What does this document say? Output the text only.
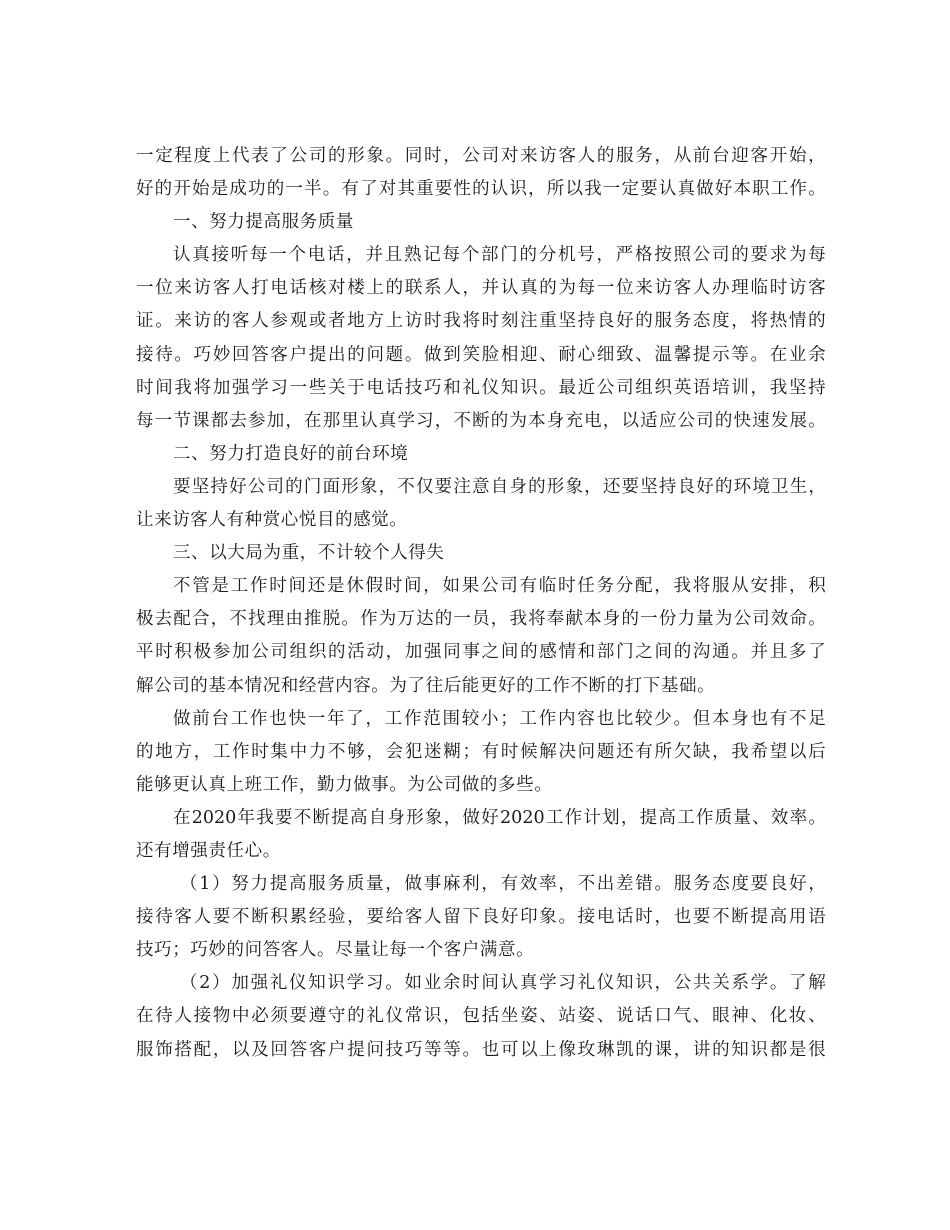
一 定 程 度 上 代 表 了 公 司 的 形 象 。 同 时 ， 公 司 对 来 访 客 人 的 服 务 ， 从 前 台 迎 客 开 始 ，
好 的 开 始 是 成 功 的 一 半 。 有 了 对 其 重 要 性 的 认 识 ， 所 以 我 一 定 要 认 真 做 好 本 职 工 作 。
一、努力提高服务质量
认 真 接 听 每 一 个 电 话 ， 并 且 熟 记 每 个 部 门 的 分 机 号 ， 严 格 按 照 公 司 的 要 求 为 每
一 位 来 访 客 人 打 电 话 核 对 楼 上 的 联 系 人 ， 并 认 真 的 为 每 一 位 来 访 客 人 办 理 临 时 访 客
证 。 来 访 的 客 人 参 观 或 者 地 方 上 访 时 我 将 时 刻 注 重 坚 持 良 好 的 服 务 态 度 ， 将 热 情 的
接 待 。 巧 妙 回 答 客 户 提 出 的 问 题 。 做 到 笑 脸 相 迎 、 耐 心 细 致 、 温 馨 提 示 等 。 在 业 余
时 间 我 将 加 强 学 习 一 些 关 于 电 话 技 巧 和 礼 仪 知 识 。 最 近 公 司 组 织 英 语 培 训 ， 我 坚 持
每 一 节 课 都 去 参 加 ， 在 那 里 认 真 学 习 ， 不 断 的 为 本 身 充 电 ， 以 适 应 公 司 的 快 速 发 展 。
二、努力打造良好的前台环境
要 坚 持 好 公 司 的 门 面 形 象 ， 不 仅 要 注 意 自 身 的 形 象 ， 还 要 坚 持 良 好 的 环 境 卫 生 ，
让来访客人有种赏心悦目的感觉。
三、以大局为重，不计较个人得失
不 管 是 工 作 时 间 还 是 休 假 时 间 ， 如 果 公 司 有 临 时 任 务 分 配 ， 我 将 服 从 安 排 ， 积
极 去 配 合 ， 不 找 理 由 推 脱 。 作 为 万 达 的 一 员 ， 我 将 奉 献 本 身 的 一 份 力 量 为 公 司 效 命 。
平 时 积 极 参 加 公 司 组 织 的 活 动 ， 加 强 同 事 之 间 的 感 情 和 部 门 之 间 的 沟 通 。 并 且 多 了
解公司的基本情况和经营内容。为了往后能更好的工作不断的打下基础。
做 前 台 工 作 也 快 一 年 了 ， 工 作 范 围 较 小 ； 工 作 内 容 也 比 较 少 。 但 本 身 也 有 不 足
的 地 方 ， 工 作 时 集 中 力 不 够 ， 会 犯 迷 糊 ； 有 时 候 解 决 问 题 还 有 所 欠 缺 ， 我 希 望 以 后
能够更认真上班工作，勤力做事。为公司做的多些。
在 2020 年 我 要 不 断 提 高 自 身 形 象 ， 做 好 2020 工 作 计 划 ， 提 高 工 作 质 量 、 效 率 。
还有增强责任心。
（ 1 ） 努 力 提 高 服 务 质 量 ， 做 事 麻 利 ， 有 效 率 ， 不 出 差 错 。 服 务 态 度 要 良 好 ，
接 待 客 人 要 不 断 积 累 经 验 ， 要 给 客 人 留 下 良 好 印 象 。 接 电 话 时 ， 也 要 不 断 提 高 用 语
技巧；巧妙的问答客人。尽量让每一个客户满意。
（ 2 ） 加 强 礼 仪 知 识 学 习 。 如 业 余 时 间 认 真 学 习 礼 仪 知 识 ， 公 共 关 系 学 。 了 解
在 待 人 接 物 中 必 须 要 遵 守 的 礼 仪 常 识 ， 包 括 坐 姿 、 站 姿 、 说 话 口 气 、 眼 神 、 化 妆 、
服 饰 搭 配 ， 以 及 回 答 客 户 提 问 技 巧 等 等 。 也 可 以 上 像 玫 琳 凯 的 课 ， 讲 的 知 识 都 是 很
